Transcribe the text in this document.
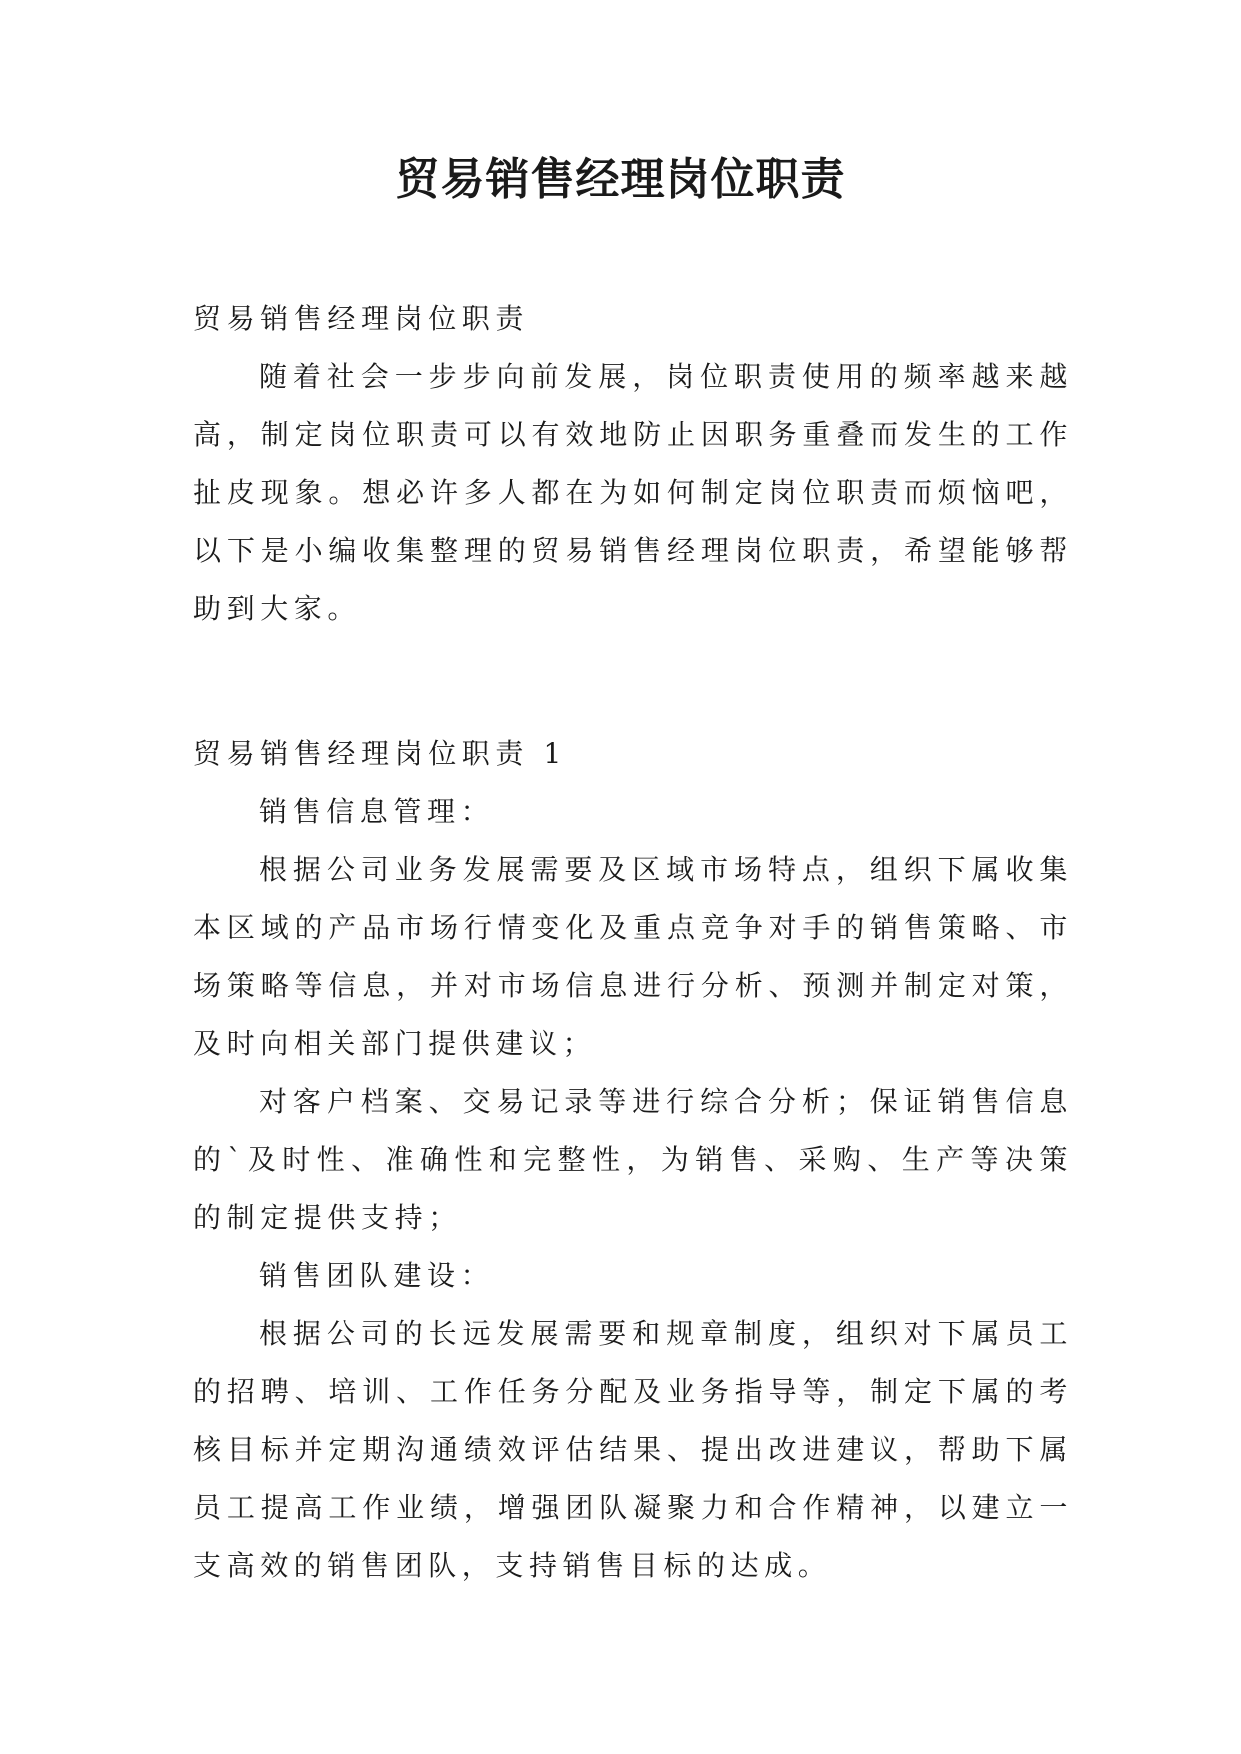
贸易销售经理岗位职责

贸易销售经理岗位职责

随着社会一步步向前发展，岗位职责使用的频率越来越高，制定岗位职责可以有效地防止因职务重叠而发生的工作扯皮现象。想必许多人都在为如何制定岗位职责而烦恼吧，以下是小编收集整理的贸易销售经理岗位职责，希望能够帮助到大家。

贸易销售经理岗位职责 1

销售信息管理：

根据公司业务发展需要及区域市场特点，组织下属收集本区域的产品市场行情变化及重点竞争对手的销售策略、市场策略等信息，并对市场信息进行分析、预测并制定对策，及时向相关部门提供建议；

对客户档案、交易记录等进行综合分析；保证销售信息的`及时性、准确性和完整性，为销售、采购、生产等决策的制定提供支持；

销售团队建设：

根据公司的长远发展需要和规章制度，组织对下属员工的招聘、培训、工作任务分配及业务指导等，制定下属的考核目标并定期沟通绩效评估结果、提出改进建议，帮助下属员工提高工作业绩，增强团队凝聚力和合作精神，以建立一支高效的销售团队，支持销售目标的达成。
